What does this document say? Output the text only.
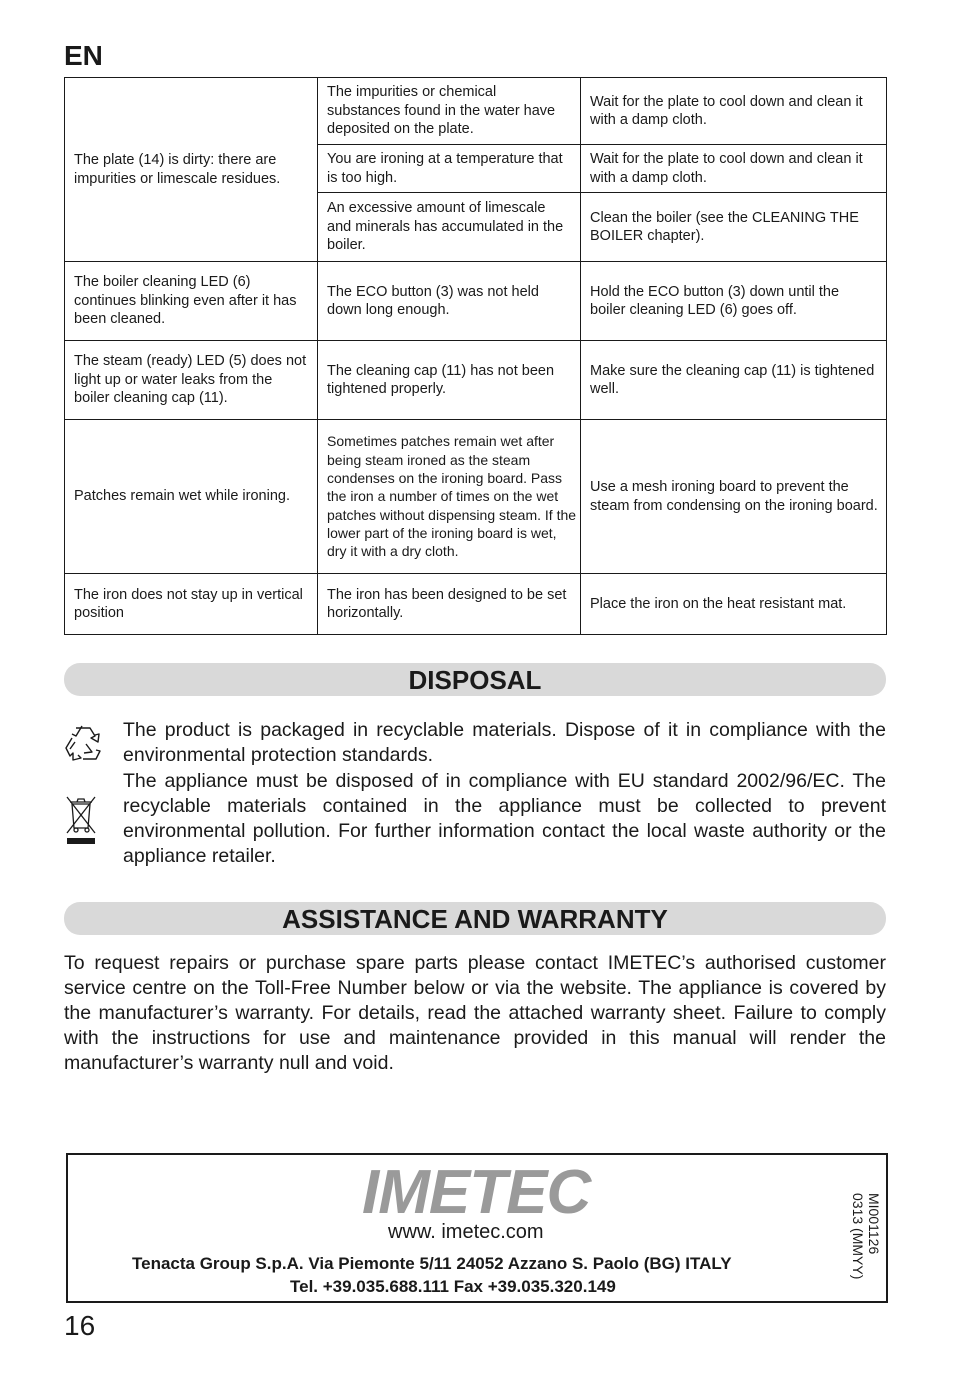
EN
The plate (14) is dirty: there are impurities or limescale residues.	The impurities or chemical substances found in the water have deposited on the plate.	Wait for the plate to cool down and clean it with a damp cloth.
	You are ironing at a temperature that is too high.	Wait for the plate to cool down and clean it with a damp cloth.
	An excessive amount of limescale and minerals has accumulated in the boiler.	Clean the boiler (see the CLEANING THE BOILER chapter).
The boiler cleaning LED (6) continues blinking even after it has been cleaned.	The ECO button (3) was not held down long enough.	Hold the ECO button (3) down until the boiler cleaning LED (6) goes off.
The steam (ready) LED (5) does not light up or water leaks from the boiler cleaning cap (11).	The cleaning cap (11) has not been tightened properly.	Make sure the cleaning cap (11) is tightened well.
Patches remain wet while ironing.	Sometimes patches remain wet after being steam ironed as the steam condenses on the ironing board. Pass the iron a number of times on the wet patches without dispensing steam. If the lower part of the ironing board is wet, dry it with a dry cloth.	Use a mesh ironing board to prevent the steam from condensing on the ironing board.
The iron does not stay up in vertical position	The iron has been designed to be set horizontally.	Place the iron on the heat resistant mat.
DISPOSAL
The product is packaged in recyclable materials. Dispose of it in compliance with the environmental protection standards.
The appliance must be disposed of in compliance with EU standard 2002/96/EC. The recyclable materials contained in the appliance must be collected to prevent environmental pollution. For further information contact the local waste authority or the appliance retailer.
ASSISTANCE AND WARRANTY
To request repairs or purchase spare parts please contact IMETEC’s authorised customer service centre on the Toll-Free Number below or via the website. The appliance is covered by the manufacturer’s warranty. For details, read the attached warranty sheet. Failure to comply with the instructions for use and maintenance provided in this manual will render the manufacturer’s warranty null and void.
IMETEC
www. imetec.com
Tenacta Group S.p.A. Via Piemonte 5/11 24052 Azzano S. Paolo (BG) ITALY
Tel. +39.035.688.111 Fax +39.035.320.149
MI001126
0313 (MMYY)
16
